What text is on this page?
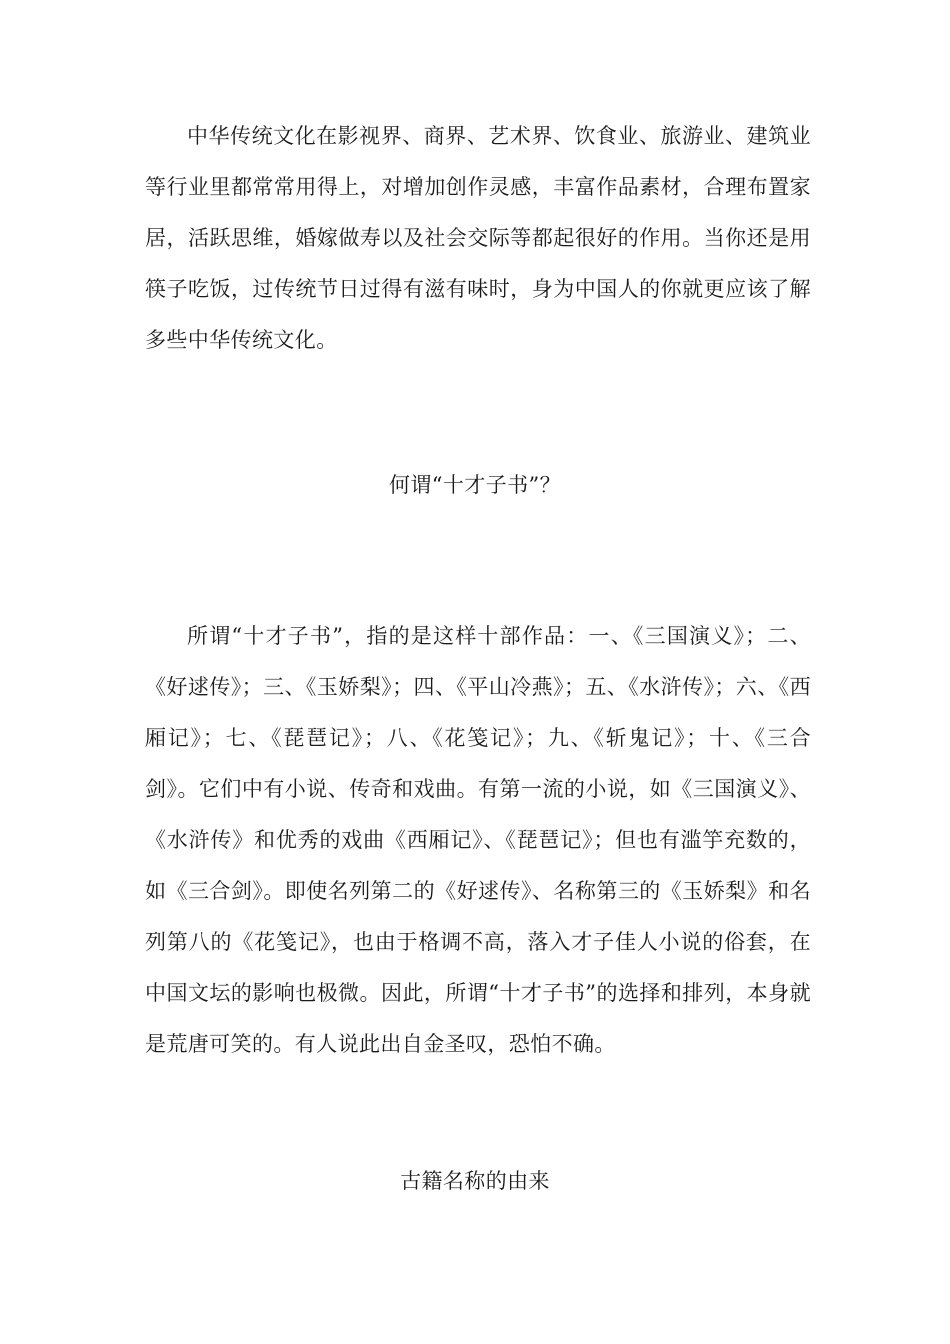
中华传统文化在影视界、商界、艺术界、饮食业、旅游业、建筑业等行业里都常常用得上，对增加创作灵感，丰富作品素材，合理布置家居，活跃思维，婚嫁做寿以及社会交际等都起很好的作用。当你还是用筷子吃饭，过传统节日过得有滋有味时，身为中国人的你就更应该了解多些中华传统文化。

何谓“十才子书”？

所谓“十才子书”，指的是这样十部作品：一、《三国演义》；二、《好逑传》；三、《玉娇梨》；四、《平山冷燕》；五、《水浒传》；六、《西厢记》；七、《琵琶记》；八、《花笺记》；九、《斩鬼记》；十、《三合剑》。它们中有小说、传奇和戏曲。有第一流的小说，如《三国演义》、《水浒传》和优秀的戏曲《西厢记》、《琵琶记》；但也有滥竽充数的，如《三合剑》。即使名列第二的《好逑传》、名称第三的《玉娇梨》和名列第八的《花笺记》，也由于格调不高，落入才子佳人小说的俗套，在中国文坛的影响也极微。因此，所谓“十才子书”的选择和排列，本身就是荒唐可笑的。有人说此出自金圣叹，恐怕不确。

古籍名称的由来
